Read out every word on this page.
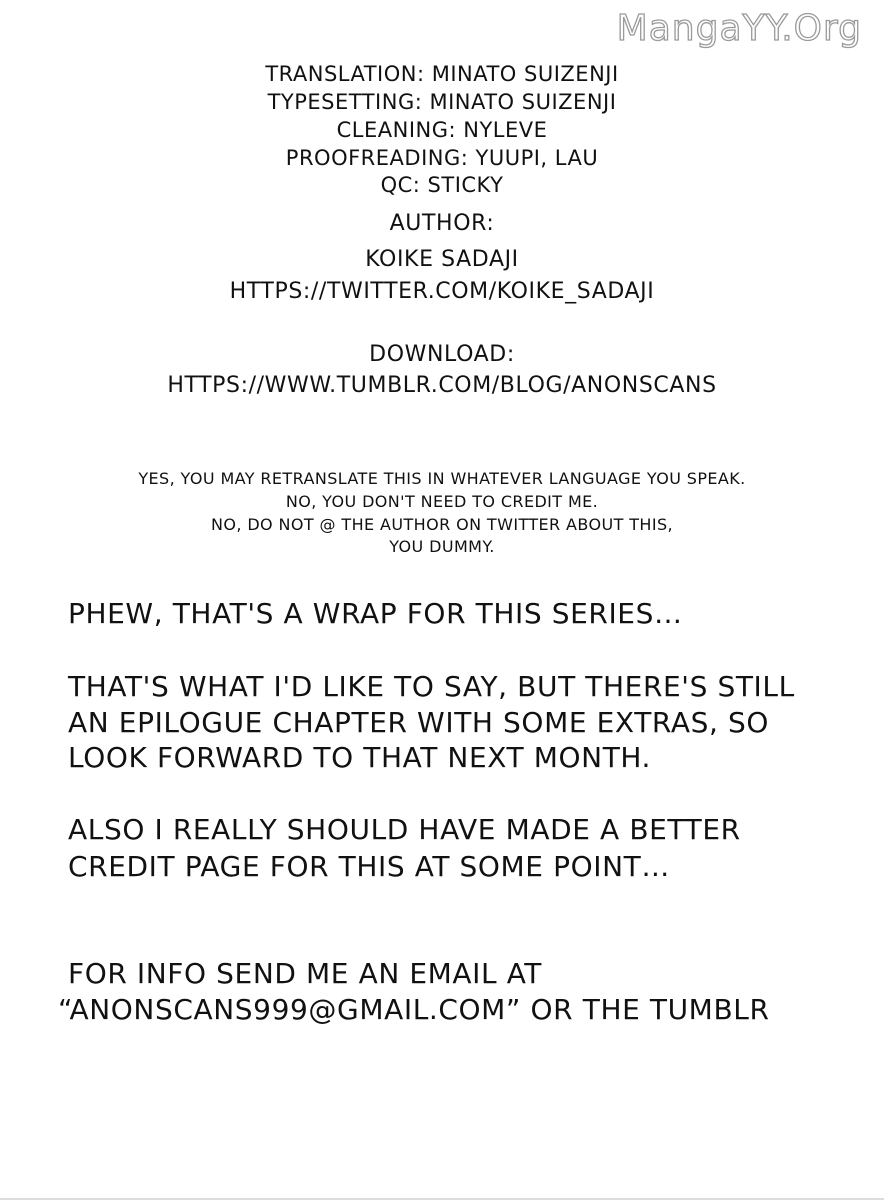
MangaYY.Org
TRANSLATION: MINATO SUIZENJI
TYPESETTING: MINATO SUIZENJI
CLEANING: NYLEVE
PROOFREADING: YUUPI, LAU
QC: STICKY
AUTHOR:
KOIKE SADAJI
HTTPS://TWITTER.COM/KOIKE_SADAJI
DOWNLOAD:
HTTPS://WWW.TUMBLR.COM/BLOG/ANONSCANS
YES, YOU MAY RETRANSLATE THIS IN WHATEVER LANGUAGE YOU SPEAK.
NO, YOU DON'T NEED TO CREDIT ME.
NO, DO NOT @ THE AUTHOR ON TWITTER ABOUT THIS,
YOU DUMMY.
PHEW, THAT'S A WRAP FOR THIS SERIES…
THAT'S WHAT I'D LIKE TO SAY, BUT THERE'S STILL
AN EPILOGUE CHAPTER WITH SOME EXTRAS, SO
LOOK FORWARD TO THAT NEXT MONTH.
ALSO I REALLY SHOULD HAVE MADE A BETTER
CREDIT PAGE FOR THIS AT SOME POINT…
FOR INFO SEND ME AN EMAIL AT
“ANONSCANS999@GMAIL.COM” OR THE TUMBLR
